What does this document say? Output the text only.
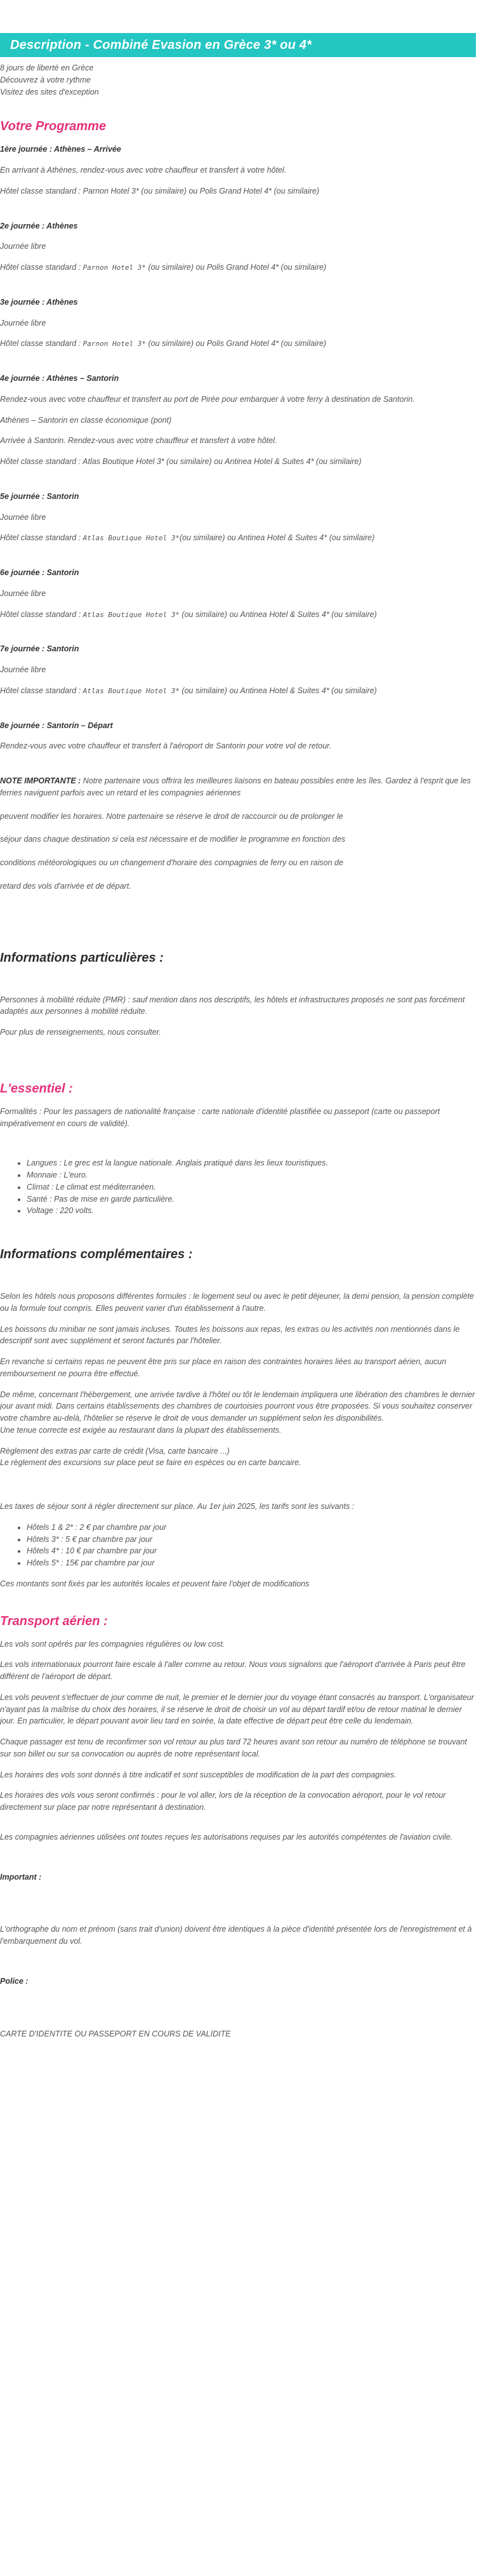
Description - Combiné Evasion en Grèce 3* ou 4*

8 jours de liberté en Grèce

Découvrez à votre rythme

Visitez des sites d'exception

Votre Programme

1ère journée : Athènes – Arrivée

En arrivant à Athènes, rendez-vous avec votre chauffeur et transfert à votre hôtel.

Hôtel classe standard : Parnon Hotel 3* (ou similaire) ou Polis Grand Hotel 4* (ou similaire)

2e journée : Athènes

Journée libre

Hôtel classe standard : Parnon Hotel 3* (ou similaire) ou Polis Grand Hotel 4* (ou similaire)

3e journée : Athènes

Journée libre

Hôtel classe standard : Parnon Hotel 3* (ou similaire) ou Polis Grand Hotel 4* (ou similaire)

4e journée : Athènes – Santorin

Rendez-vous avec votre chauffeur et transfert au port de Pirée pour embarquer à votre ferry à destination de Santorin.

Athènes – Santorin en classe économique (pont)

Arrivée à Santorin. Rendez-vous avec votre chauffeur et transfert à votre hôtel.

Hôtel classe standard : Atlas Boutique Hotel 3* (ou similaire) ou Antinea Hotel & Suites 4* (ou similaire)

5e journée : Santorin

Journée libre

Hôtel classe standard : Atlas Boutique Hotel 3*(ou similaire) ou Antinea Hotel & Suites 4* (ou similaire)

6e journée : Santorin

Journée libre

Hôtel classe standard : Atlas Boutique Hotel 3* (ou similaire) ou Antinea Hotel & Suites 4* (ou similaire)

7e journée : Santorin

Journée libre

Hôtel classe standard : Atlas Boutique Hotel 3* (ou similaire) ou Antinea Hotel & Suites 4* (ou similaire)

8e journée : Santorin – Départ

Rendez-vous avec votre chauffeur et transfert à l'aéroport de Santorin pour votre vol de retour.

NOTE IMPORTANTE : Notre partenaire vous offrira les meilleures liaisons en bateau possibles entre les îles. Gardez à l'esprit que les ferries naviguent parfois avec un retard et les compagnies aériennes

peuvent modifier les horaires. Notre partenaire se réserve le droit de raccourcir ou de prolonger le

séjour dans chaque destination si cela est nécessaire et de modifier le programme en fonction des

conditions météorologiques ou un changement d'horaire des compagnies de ferry ou en raison de

retard des vols d'arrivée et de départ.

Informations particulières :

Personnes à mobilité réduite (PMR) : sauf mention dans nos descriptifs, les hôtels et infrastructures proposés ne sont pas forcément adaptés aux personnes à mobilité réduite.

Pour plus de renseignements, nous consulter.

L'essentiel :

Formalités : Pour les passagers de nationalité française : carte nationale d'identité plastifiée ou passeport (carte ou passeport impérativement en cours de validité).

• Langues : Le grec est la langue nationale. Anglais pratiqué dans les lieux touristiques.
• Monnaie : L'euro.
• Climat : Le climat est méditerranéen.
• Santé : Pas de mise en garde particulière.
• Voltage : 220 volts.
Informations complémentaires :

Selon les hôtels nous proposons différentes formules : le logement seul ou avec le petit déjeuner, la demi pension, la pension complète ou la formule tout compris. Elles peuvent varier d'un établissement à l'autre.

Les boissons du minibar ne sont jamais incluses. Toutes les boissons aux repas, les extras ou les activités non mentionnés dans le descriptif sont avec supplément et seront facturés par l'hôtelier.

En revanche si certains repas ne peuvent être pris sur place en raison des contraintes horaires liées au transport aérien, aucun remboursement ne pourra être effectué.

De même, concernant l'hébergement, une arrivée tardive à l'hôtel ou tôt le lendemain impliquera une libération des chambres le dernier jour avant midi. Dans certains établissements des chambres de courtoisies pourront vous être proposées. Si vous souhaitez conserver votre chambre au-delà, l'hôtelier se réserve le droit de vous demander un supplément selon les disponibilités.

Une tenue correcte est exigée au restaurant dans la plupart des établissements.

Règlement des extras par carte de crédit (Visa, carte bancaire ...)

Le règlement des excursions sur place peut se faire en espèces ou en carte bancaire.

Les taxes de séjour sont à régler directement sur place. Au 1er juin 2025, les tarifs sont les suivants :

• Hôtels 1 & 2* : 2 € par chambre par jour
• Hôtels 3* : 5 € par chambre par jour
• Hôtels 4* : 10 € par chambre par jour
• Hôtels 5* : 15€ par chambre par jour

Ces montants sont fixés par les autorités locales et peuvent faire l'objet de modifications

Transport aérien :

Les vols sont opérés par les compagnies régulières ou low cost.

Les vols internationaux pourront faire escale à l'aller comme au retour. Nous vous signalons que l'aéroport d'arrivée à Paris peut être différent de l'aéroport de départ.

Les vols peuvent s'effectuer de jour comme de nuit, le premier et le dernier jour du voyage étant consacrés au transport. L'organisateur n'ayant pas la maîtrise du choix des horaires, il se réserve le droit de choisir un vol au départ tardif et/ou de retour matinal le dernier jour. En particulier, le départ pouvant avoir lieu tard en soirée, la date effective de départ peut être celle du lendemain.

Chaque passager est tenu de reconfirmer son vol retour au plus tard 72 heures avant son retour au numéro de téléphone se trouvant sur son billet ou sur sa convocation ou auprès de notre représentant local.

Les horaires des vols sont donnés à titre indicatif et sont susceptibles de modification de la part des compagnies.

Les horaires des vols vous seront confirmés : pour le vol aller, lors de la réception de la convocation aéroport, pour le vol retour directement sur place par notre représentant à destination.

Les compagnies aériennes utilisées ont toutes reçues les autorisations requises par les autorités compétentes de l'aviation civile.

Important :

L'orthographe du nom et prénom (sans trait d'union) doivent être identiques à la pièce d'identité présentée lors de l'enregistrement et à l'embarquement du vol.

Police :

CARTE D'IDENTITE OU PASSEPORT EN COURS DE VALIDITE
